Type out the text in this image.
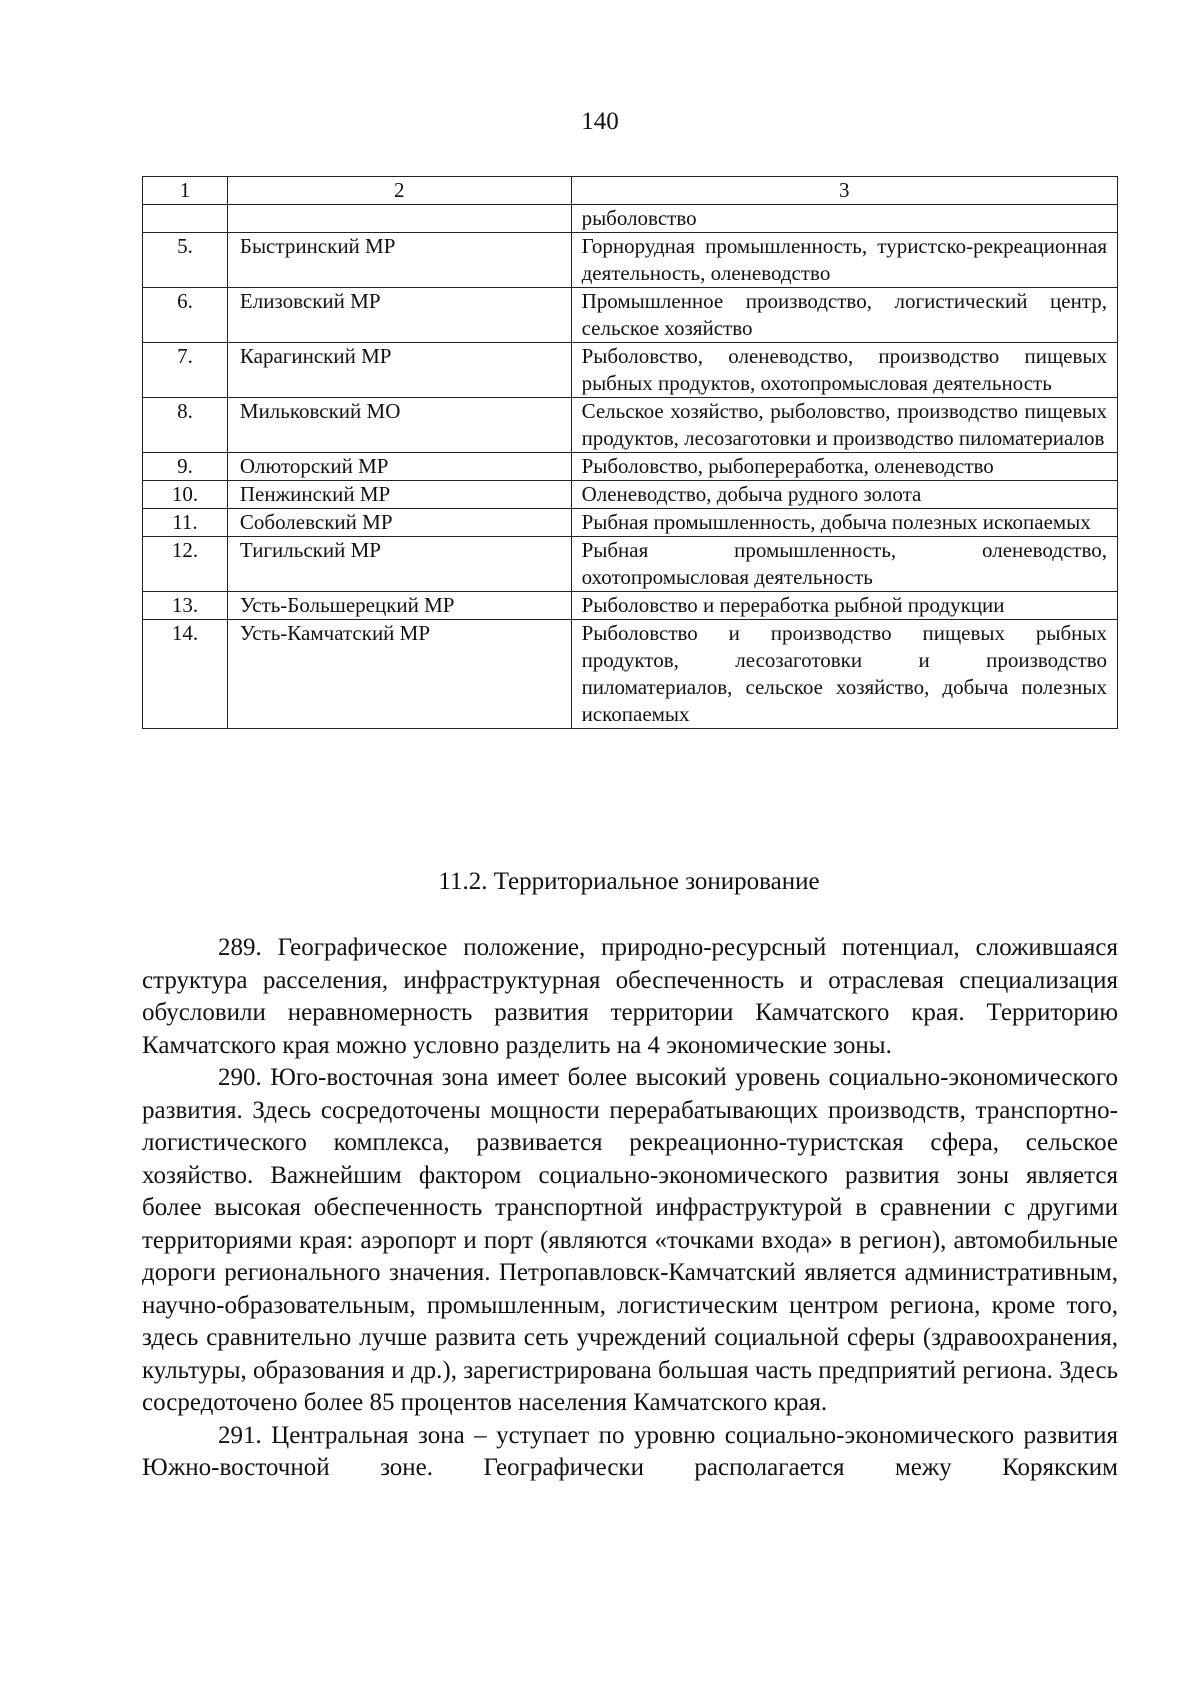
140
1	2	3
		рыболовство
5.	Быстринский МР	Горнорудная промышленность, туристско-рекреационная деятельность, оленеводство
6.	Елизовский МР	Промышленное производство, логистический центр, сельское хозяйство
7.	Карагинский МР	Рыболовство, оленеводство, производство пищевых рыбных продуктов, охотопромысловая деятельность
8.	Мильковский МО	Сельское хозяйство, рыболовство, производство пищевых продуктов, лесозаготовки и производство пиломатериалов
9.	Олюторский МР	Рыболовство, рыбопереработка, оленеводство
10.	Пенжинский МР	Оленеводство, добыча рудного золота
11.	Соболевский МР	Рыбная промышленность, добыча полезных ископаемых
12.	Тигильский МР	Рыбная промышленность, оленеводство, охотопромысловая деятельность
13.	Усть-Большерецкий МР	Рыболовство и переработка рыбной продукции
14.	Усть-Камчатский МР	Рыболовство и производство пищевых рыбных продуктов, лесозаготовки и производство пиломатериалов, сельское хозяйство, добыча полезных ископаемых
11.2. Территориальное зонирование

289. Географическое положение, природно-ресурсный потенциал, сложившаяся структура расселения, инфраструктурная обеспеченность и отраслевая специализация обусловили неравномерность развития территории Камчатского края. Территорию Камчатского края можно условно разделить на 4 экономические зоны.

290. Юго-восточная зона имеет более высокий уровень социально-экономического развития. Здесь сосредоточены мощности перерабатывающих производств, транспортно-логистического комплекса, развивается рекреационно-туристская сфера, сельское хозяйство. Важнейшим фактором социально-экономического развития зоны является более высокая обеспеченность транспортной инфраструктурой в сравнении с другими территориями края: аэропорт и порт (являются «точками входа» в регион), автомобильные дороги регионального значения. Петропавловск-Камчатский является административным, научно-образовательным, промышленным, логистическим центром региона, кроме того, здесь сравнительно лучше развита сеть учреждений социальной сферы (здравоохранения, культуры, образования и др.), зарегистрирована большая часть предприятий региона. Здесь сосредоточено более 85 процентов населения Камчатского края.

291. Центральная зона – уступает по уровню социально-экономического развития Южно-восточной зоне. Географически располагается межу Корякским
